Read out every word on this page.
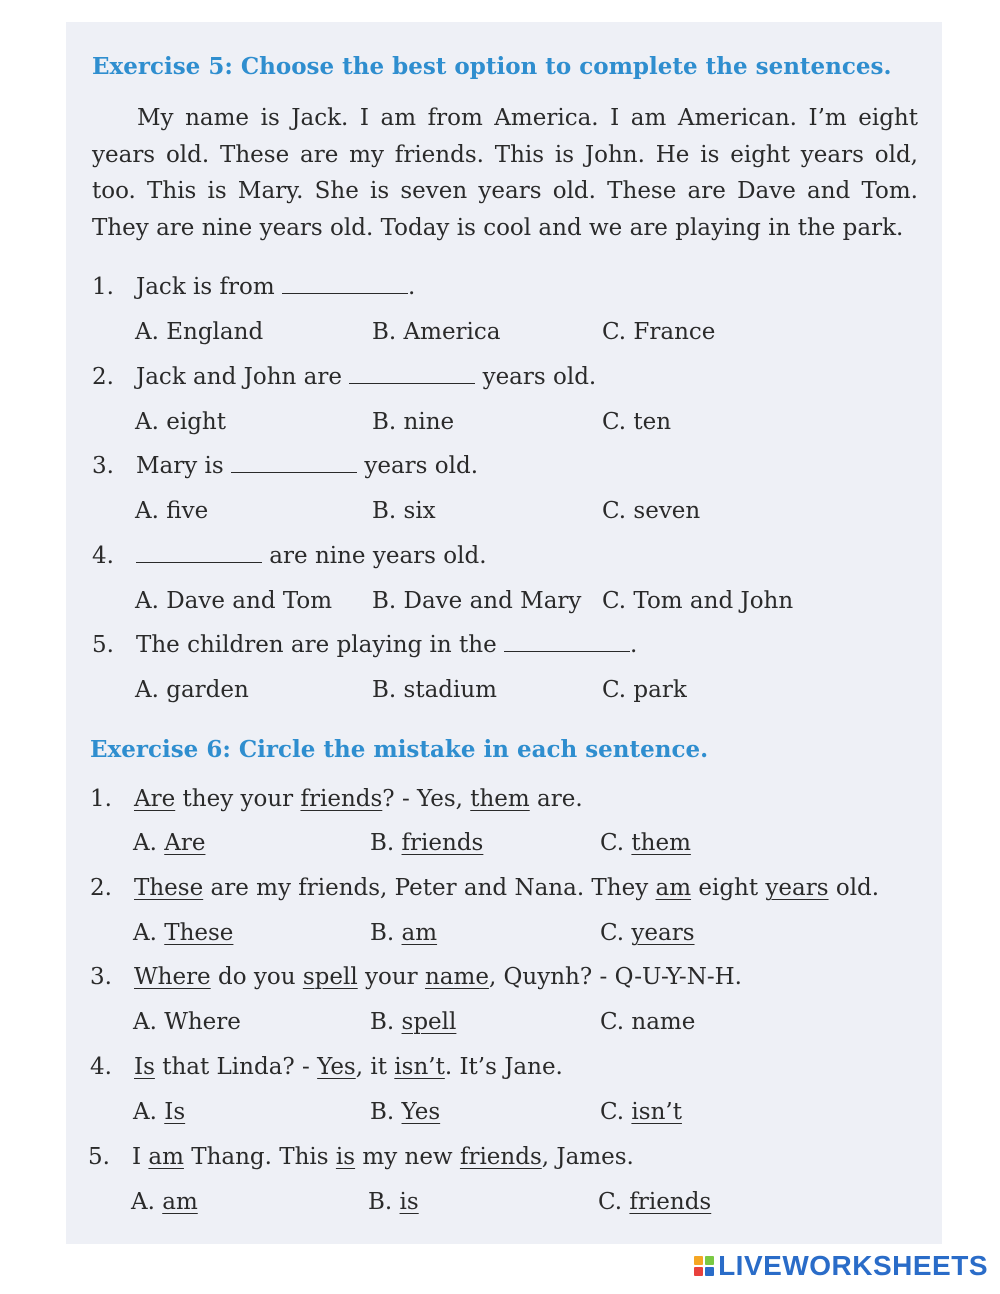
Exercise 5: Choose the best option to complete the sentences.
My name is Jack. I am from America. I am American. I’m eight years old. These are my friends. This is John. He is eight years old, too. This is Mary. She is seven years old. These are Dave and Tom. They are nine years old. Today is cool and we are playing in the park.
1. Jack is from	.
A. England	B. America	C. France
2. Jack and John are	years old.
A. eight	B. nine	C. ten
3. Mary is	years old.
A. five	B. six	C. seven
4.	are nine years old.
A. Dave and Tom B. Dave and Mary C. Tom and John
5. The children are playing in the	.
A. garden	B. stadium	C. park
Exercise 6: Circle the mistake in each sentence.
1. Are they your friends? - Yes, them are.
A. Are	B. friends	C. them
2. These are my friends, Peter and Nana. They am eight years old.
A. These	B. am	C. years
3. Where do you spell your name, Quynh? - Q-U-Y-N-H.
A. Where	B. spell	C. name
4. Is that Linda? - Yes, it isn’t. It’s Jane.
A. Is	B. Yes	C. isn’t
5. I am Thang. This is my new friends, James.
A. am	B. is	C. friends
LIVEWORKSHEETS
